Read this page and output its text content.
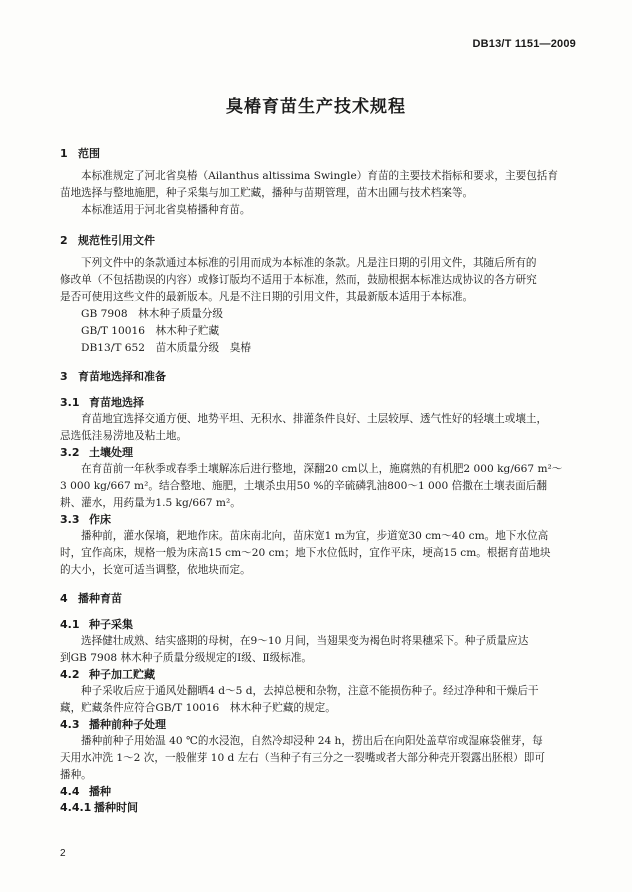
DB13/T 1151—2009
臭椿育苗生产技术规程
1 范围
本标准规定了河北省臭椿（Ailanthus altissima Swingle）育苗的主要技术指标和要求，主要包括育
苗地选择与整地施肥，种子采集与加工贮藏，播种与苗期管理，苗木出圃与技术档案等。
本标准适用于河北省臭椿播种育苗。
2 规范性引用文件
下列文件中的条款通过本标准的引用而成为本标准的条款。凡是注日期的引用文件，其随后所有的
修改单（不包括勘误的内容）或修订版均不适用于本标准，然而，鼓励根据本标准达成协议的各方研究
是否可使用这些文件的最新版本。凡是不注日期的引用文件，其最新版本适用于本标准。
GB 7908　 林木种子质量分级
GB/T 10016　 林木种子贮藏
DB13/T 652　 苗木质量分级　臭椿
3 育苗地选择和准备
3.1 育苗地选择
育苗地宜选择交通方便、地势平坦、无积水、排灌条件良好、土层较厚、透气性好的轻壤土或壤土，
忌选低洼易涝地及粘土地。
3.2 土壤处理
在育苗前一年秋季或春季土壤解冻后进行整地，深翻20 cm以上，施腐熟的有机肥2 000 kg/667 m²～
3 000 kg/667 m²。结合整地、施肥，土壤杀虫用50 %的辛硫磷乳油800～1 000 倍撒在土壤表面后翻
耕、灌水，用药量为1.5 kg/667 m²。
3.3 作床
播种前，灌水保墒，耙地作床。苗床南北向，苗床宽1 m为宜，步道宽30 cm～40 cm。地下水位高
时，宜作高床，规格一般为床高15 cm～20 cm；地下水位低时，宜作平床，埂高15 cm。根据育苗地块
的大小，长宽可适当调整，依地块而定。
4 播种育苗
4.1 种子采集
选择健壮成熟、结实盛期的母树，在9～10 月间，当翅果变为褐色时将果穗采下。种子质量应达
到GB 7908 林木种子质量分级规定的Ⅰ级、Ⅱ级标准。
4.2 种子加工贮藏
种子采收后应于通风处翻晒4 d～5 d，去掉总梗和杂物，注意不能损伤种子。经过净种和干燥后干
藏，贮藏条件应符合GB/T 10016　林木种子贮藏的规定。
4.3 播种前种子处理
播种前种子用始温 40 ℃的水浸泡，自然冷却浸种 24 h，捞出后在向阳处盖草帘或湿麻袋催芽，每
天用水冲洗 1～2 次，一般催芽 10 d 左右（当种子有三分之一裂嘴或者大部分种壳开裂露出胚根）即可
播种。
4.4 播种
4.4.1 播种时间
2
